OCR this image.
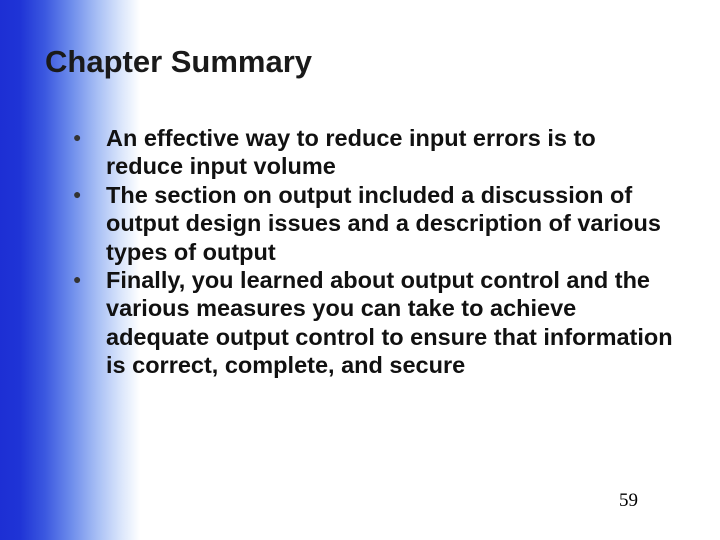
Chapter Summary
● An effective way to reduce input errors is to reduce input volume
● The section on output included a discussion of output design issues and a description of various types of output
● Finally, you learned about output control and the various measures you can take to achieve adequate output control to ensure that information is correct, complete, and secure
59
